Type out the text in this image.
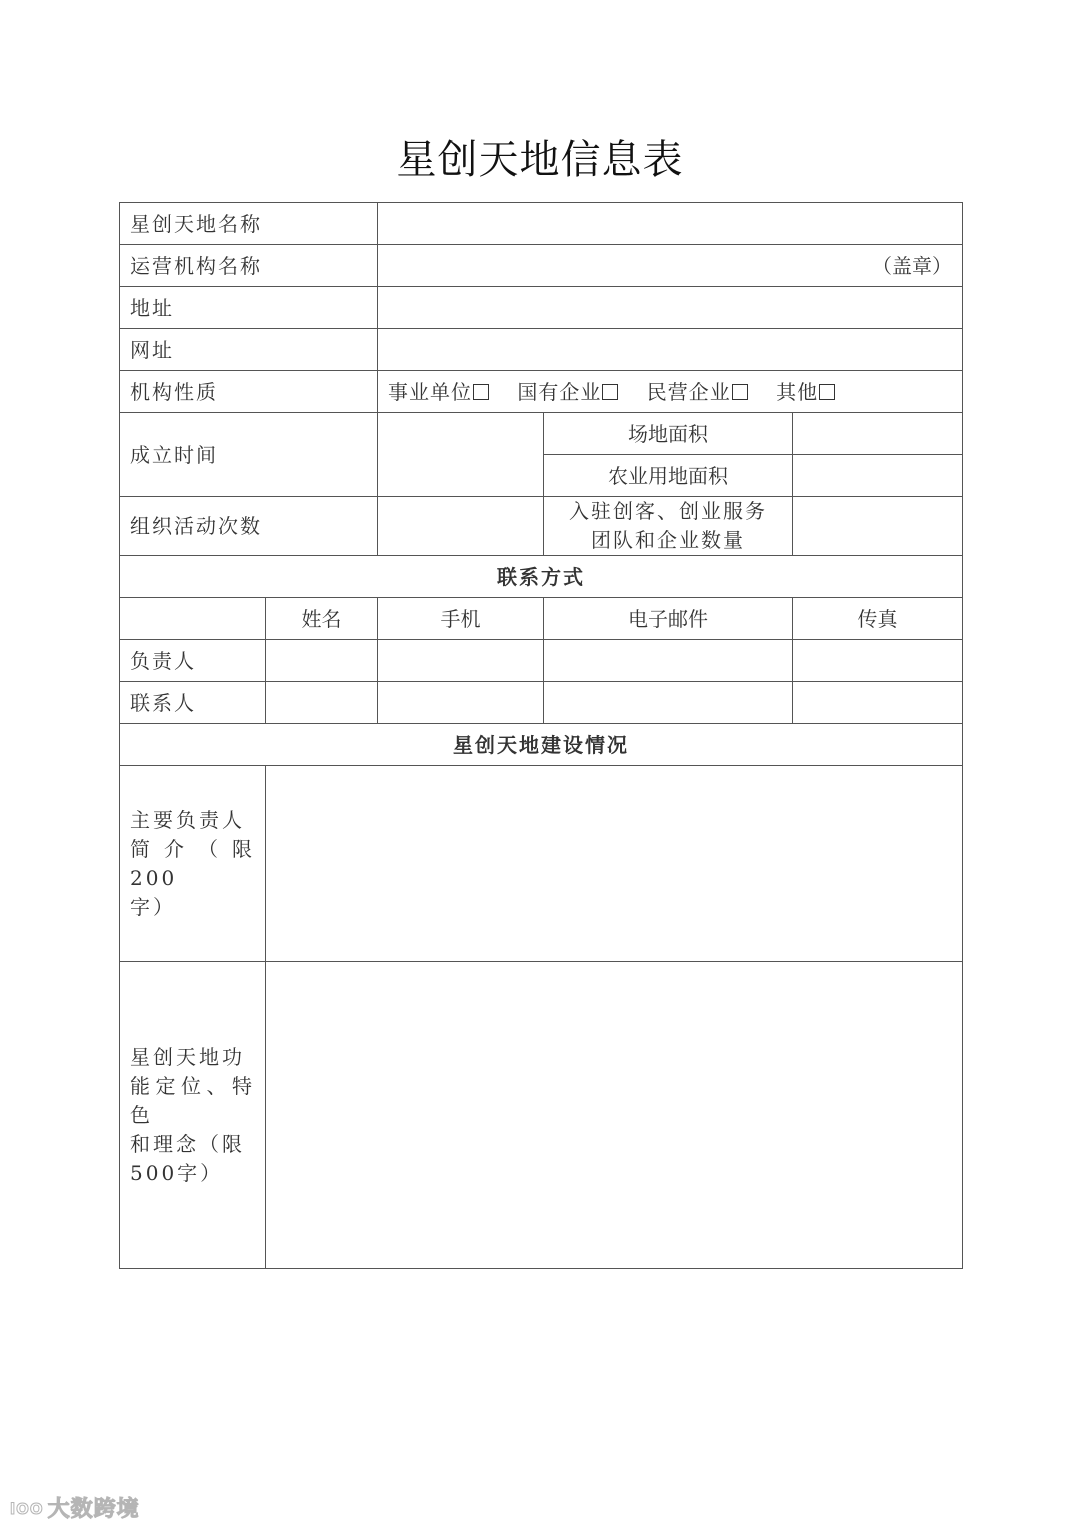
星创天地信息表
星创天地名称				
运营机构名称		（盖章）		
地址				
网址				
机构性质		事业单位 国有企业 民营企业 其他		
成立时间			场地面积	
			农业用地面积	
组织活动次数			入驻创客、创业服务
团队和企业数量	

联系方式				
	姓名	手机	电子邮件	传真
负责人				
联系人				
星创天地建设情况				

主要负责人
简介（限200
字）				

星创天地功
能定位、特色
和理念（限
500字）				

lOO 大数跨境
